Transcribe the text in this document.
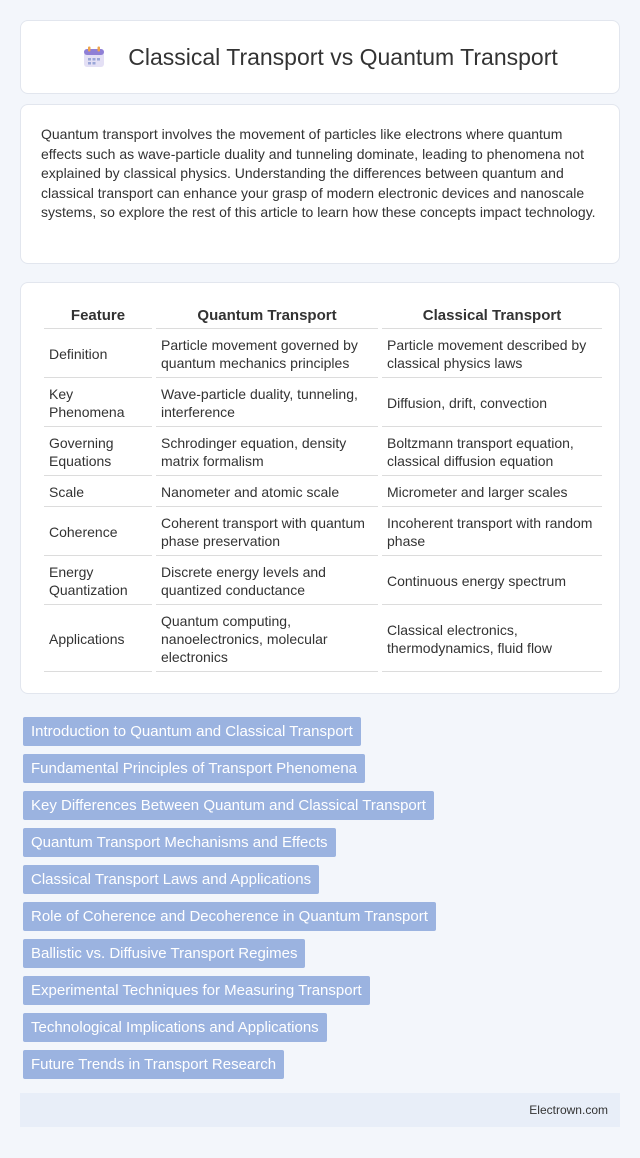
Classical Transport vs Quantum Transport

Quantum transport involves the movement of particles like electrons where quantum effects such as wave-particle duality and tunneling dominate, leading to phenomena not explained by classical physics. Understanding the differences between quantum and classical transport can enhance your grasp of modern electronic devices and nanoscale systems, so explore the rest of this article to learn how these concepts impact technology.

Feature	Quantum Transport	Classical Transport
Definition	Particle movement governed by quantum mechanics principles	Particle movement described by classical physics laws
Key Phenomena	Wave-particle duality, tunneling, interference	Diffusion, drift, convection
Governing Equations	Schrodinger equation, density matrix formalism	Boltzmann transport equation, classical diffusion equation
Scale	Nanometer and atomic scale	Micrometer and larger scales
Coherence	Coherent transport with quantum phase preservation	Incoherent transport with random phase
Energy Quantization	Discrete energy levels and quantized conductance	Continuous energy spectrum
Applications	Quantum computing, nanoelectronics, molecular electronics	Classical electronics, thermodynamics, fluid flow
Introduction to Quantum and Classical Transport
Fundamental Principles of Transport Phenomena
Key Differences Between Quantum and Classical Transport
Quantum Transport Mechanisms and Effects
Classical Transport Laws and Applications
Role of Coherence and Decoherence in Quantum Transport
Ballistic vs. Diffusive Transport Regimes
Experimental Techniques for Measuring Transport
Technological Implications and Applications
Future Trends in Transport Research
Electrown.com
